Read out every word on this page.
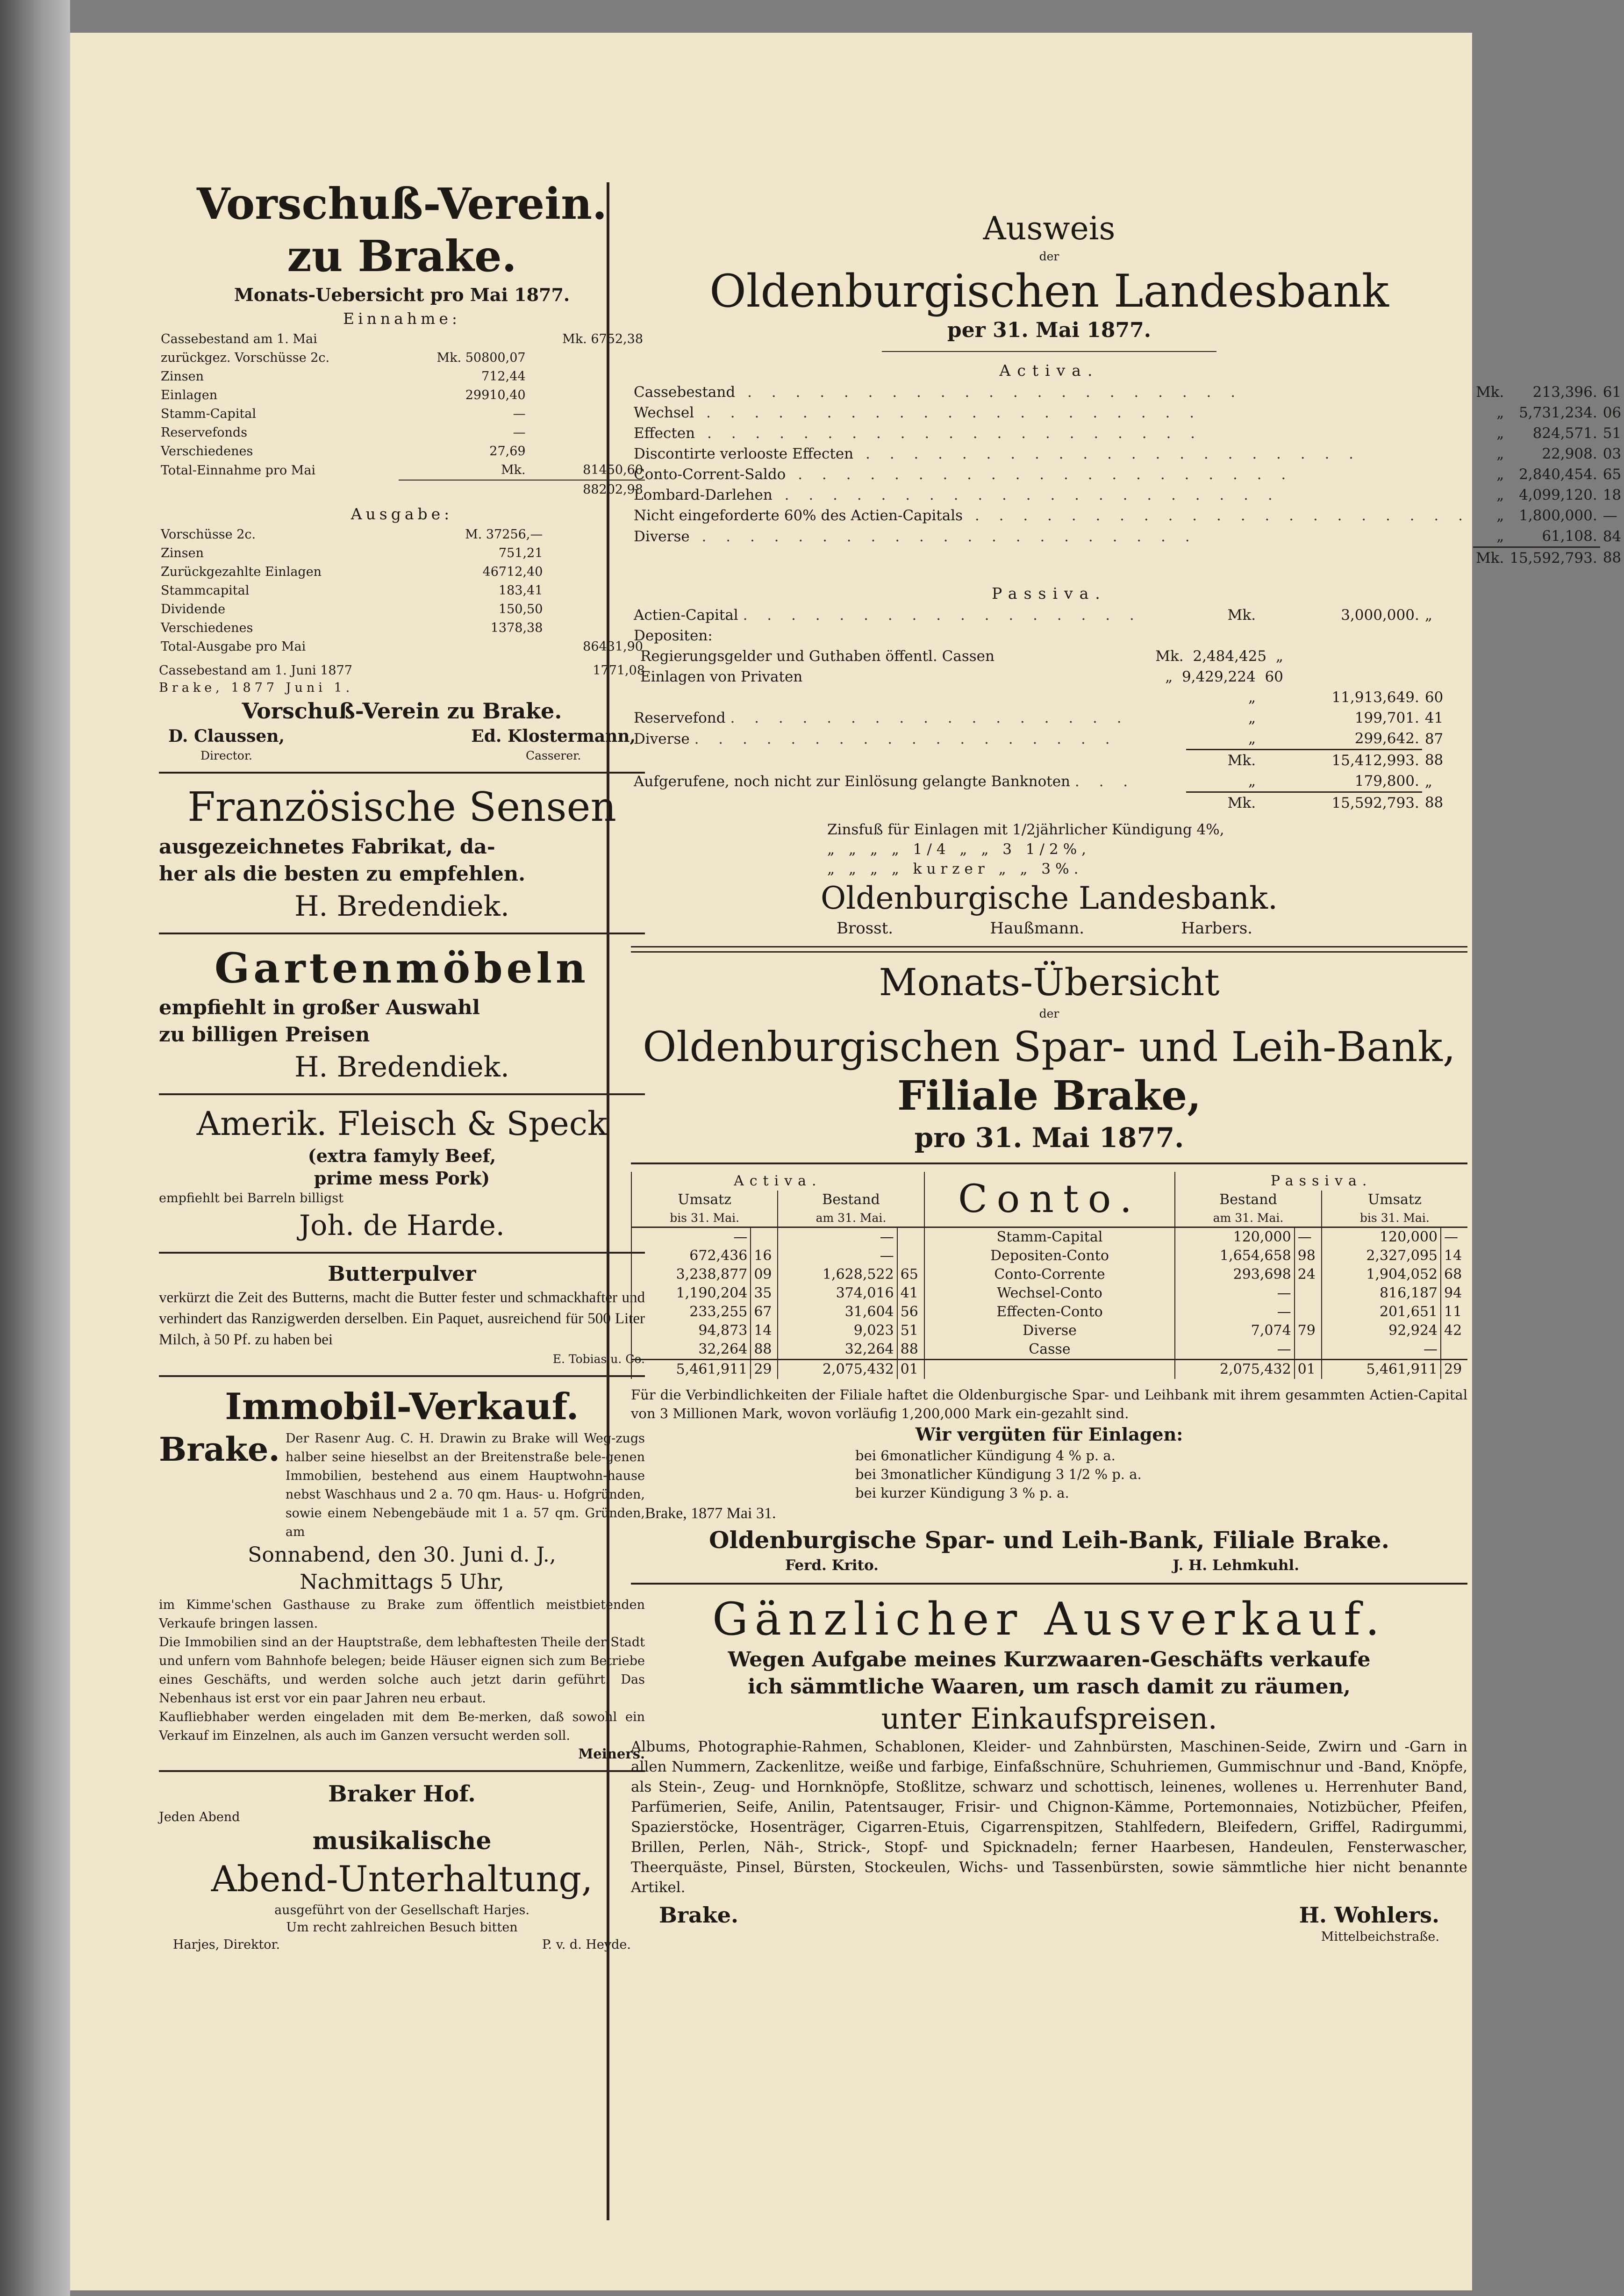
Vorschuß-Verein.
zu Brake.
Monats-Uebersicht pro Mai 1877.
Einnahme:
Cassebestand am 1. Mai		Mk. 6752,38
zurückgez. Vorschüsse 2c.	Mk. 50800,07	
Zinsen	712,44	
Einlagen	29910,40	
Stamm-Capital	—	
Reservefonds	—	
Verschiedenes	27,69	
Total-Einnahme pro Mai	Mk.	81450,60
		88202,98
Ausgabe:
Vorschüsse 2c.	M. 37256,—	
Zinsen	751,21	
Zurückgezahlte Einlagen	46712,40	
Stammcapital	183,41	
Dividende	150,50	
Verschiedenes	1378,38	
Total-Ausgabe pro Mai		86431,90
Cassebestand am 1. Juni 1877	1771,08
Brake, 1877 Juni 1.
Vorschuß-Verein zu Brake.
D. Claussen,
Director.
Ed. Klostermann,
Casserer.
Französische Sensen
ausgezeichnetes Fabrikat, da-
her als die besten zu empfehlen.
H. Bredendiek.
Gartenmöbeln
empfiehlt in großer Auswahl
zu billigen Preisen
H. Bredendiek.
Amerik. Fleisch & Speck
(extra famyly Beef,
prime mess Pork)
empfiehlt bei Barreln billigst
Joh. de Harde.
Butterpulver

verkürzt die Zeit des Butterns, macht die Butter fester und schmackhafter und verhindert das Ranzigwerden derselben. Ein Paquet, ausreichend für 500 Liter Milch, à 50 Pf. zu haben bei

E. Tobias u. Co.
Immobil-Verkauf.
Brake. Der Rasenr Aug. C. H. Drawin zu Brake will Weg-zugs halber seine hieselbst an der Breitenstraße bele-genen Immobilien, bestehend aus einem Hauptwohn-hause nebst Waschhaus und 2 a. 70 qm. Haus- u. Hofgründen, sowie einem Nebengebäude mit 1 a. 57 qm. Gründen, am

Sonnabend, den 30. Juni d. J.,
Nachmittags 5 Uhr,

im Kimme'schen Gasthause zu Brake zum öffentlich meistbietenden Verkaufe bringen lassen.

Die Immobilien sind an der Hauptstraße, dem lebhaftesten Theile der Stadt und unfern vom Bahnhofe belegen; beide Häuser eignen sich zum Betriebe eines Geschäfts, und werden solche auch jetzt darin geführt. Das Nebenhaus ist erst vor ein paar Jahren neu erbaut.

Kaufliebhaber werden eingeladen mit dem Be-merken, daß sowohl ein Verkauf im Einzelnen, als auch im Ganzen versucht werden soll.

Meiners.
Braker Hof.
Jeden Abend
musikalische
Abend-Unterhaltung,
ausgeführt von der Gesellschaft Harjes.
Um recht zahlreichen Besuch bitten
Harjes, Direktor.	P. v. d. Heyde.
Ausweis
der
Oldenburgischen Landesbank
per 31. Mai 1877.
Activa.
Cassebestand . . . . . . . . . . . . . . . . . . . . .	Mk.	213,396.	61
Wechsel . . . . . . . . . . . . . . . . . . . . .	„	5,731,234.	06
Effecten . . . . . . . . . . . . . . . . . . . . .	„	824,571.	51
Discontirte verlooste Effecten . . . . . . . . . . . . . . . . . . . . .	„	22,908.	03
Conto-Corrent-Saldo . . . . . . . . . . . . . . . . . . . . .	„	2,840,454.	65
Lombard-Darlehen . . . . . . . . . . . . . . . . . . . . .	„	4,099,120.	18
Nicht eingeforderte 60% des Actien-Capitals . . . . . . . . . . . . . . . . . . . . .	„	1,800,000.	—
Diverse . . . . . . . . . . . . . . . . . . . . .	„	61,108.	84
	Mk.	15,592,793.	88
Passiva.
Actien-Capital . . . . . . . . . . . . . . . . .	Mk.	3,000,000.	„
Depositen:			

Regierungsgelder und Guthaben öffentl. Cassen Mk. 2,484,425 „			

Einlagen von Privaten „ 9,429,224 60			

	„	11,913,649.	60
Reservefond . . . . . . . . . . . . . . . . .	„	199,701.	41
Diverse . . . . . . . . . . . . . . . . . .	„	299,642.	87
	Mk.	15,412,993.	88
Aufgerufene, noch nicht zur Einlösung gelangte Banknoten . . .	„	179,800.	„
	Mk.	15,592,793.	88
Zinsfuß für Einlagen mit 1/2jährlicher Kündigung 4%,
„ „ „ „ 1/4 „ „ 3 1/2%,
„ „ „ „ kurzer „ „ 3%.
Oldenburgische Landesbank.
Brosst.	Haußmann.	Harbers.
Monats-Übersicht
der
Oldenburgischen Spar- und Leih-Bank,
Filiale Brake,
pro 31. Mai 1877.
Activa.				Conto.	Passiva.			
Umsatz		Bestand			Bestand		Umsatz	
bis 31. Mai.		am 31. Mai.			am 31. Mai.		bis 31. Mai.	
—		—		Stamm-Capital	120,000	—	120,000	—
672,436	16	—		Depositen-Conto	1,654,658	98	2,327,095	14
3,238,877	09	1,628,522	65	Conto-Corrente	293,698	24	1,904,052	68
1,190,204	35	374,016	41	Wechsel-Conto	—		816,187	94
233,255	67	31,604	56	Effecten-Conto	—		201,651	11
94,873	14	9,023	51	Diverse	7,074	79	92,924	42
32,264	88	32,264	88	Casse	—		—	
5,461,911	29	2,075,432	01		2,075,432	01	5,461,911	29

Für die Verbindlichkeiten der Filiale haftet die Oldenburgische Spar- und Leihbank mit ihrem gesammten Actien-Capital von 3 Millionen Mark, wovon vorläufig 1,200,000 Mark ein-gezahlt sind.

Wir vergüten für Einlagen:
bei 6monatlicher Kündigung 4 % p. a.
bei 3monatlicher Kündigung 3 1/2 % p. a.
bei kurzer Kündigung 3 % p. a.
Brake, 1877 Mai 31.
Oldenburgische Spar- und Leih-Bank, Filiale Brake.
Ferd. Krito.	J. H. Lehmkuhl.
Gänzlicher Ausverkauf.
Wegen Aufgabe meines Kurzwaaren-Geschäfts verkaufe
ich sämmtliche Waaren, um rasch damit zu räumen,
unter Einkaufspreisen.

Albums, Photographie-Rahmen, Schablonen, Kleider- und Zahnbürsten, Maschinen-Seide, Zwirn und -Garn in allen Nummern, Zackenlitze, weiße und farbige, Einfaßschnüre, Schuhriemen, Gummischnur und -Band, Knöpfe, als Stein-, Zeug- und Hornknöpfe, Stoßlitze, schwarz und schottisch, leinenes, wollenes u. Herrenhuter Band, Parfümerien, Seife, Anilin, Patentsauger, Frisir- und Chignon-Kämme, Portemonnaies, Notizbücher, Pfeifen, Spazierstöcke, Hosenträger, Cigarren-Etuis, Cigarrenspitzen, Stahlfedern, Bleifedern, Griffel, Radirgummi, Brillen, Perlen, Näh-, Strick-, Stopf- und Spicknadeln; ferner Haarbesen, Handeulen, Fensterwascher, Theerquäste, Pinsel, Bürsten, Stockeulen, Wichs- und Tassenbürsten, sowie sämmtliche hier nicht benannte Artikel.

Brake.	H. Wohlers.
Mittelbeichstraße.
